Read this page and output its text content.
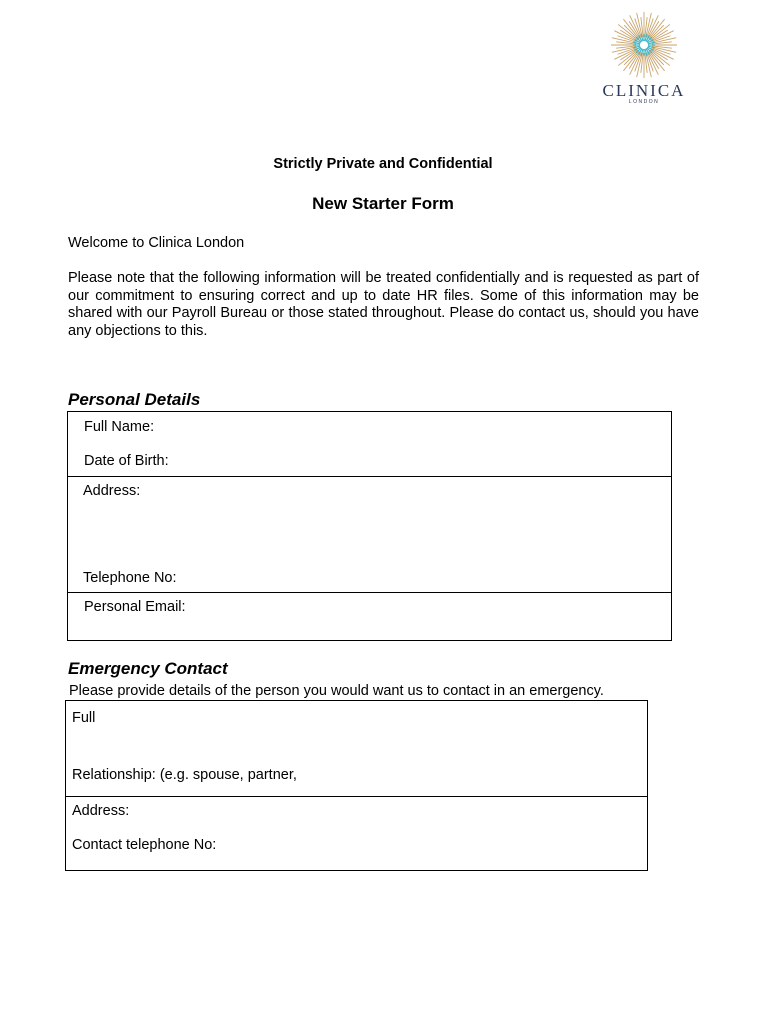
CLINICA
LONDON
Strictly Private and Confidential
New Starter Form
Welcome to Clinica London

Please note that the following information will be treated confidentially and is requested as part of our commitment to ensuring correct and up to date HR files. Some of this information may be shared with our Payroll Bureau or those stated throughout. Please do contact us, should you have any objections to this.

Personal Details
Full Name:
Date of Birth:
Address:
Telephone No:
Personal Email:
Emergency Contact
Please provide details of the person you would want us to contact in an emergency.
Full
Relationship: (e.g. spouse, partner,
Address:
Contact telephone No:
